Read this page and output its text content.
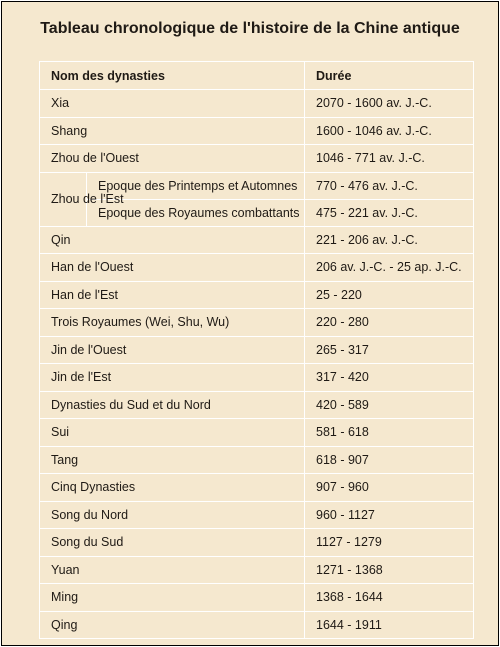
Tableau chronologique de l'histoire de la Chine antique
Nom des dynasties		Durée
Xia		2070 - 1600 av. J.-C.
Shang		1600 - 1046 av. J.-C.
Zhou de l'Ouest		1046 - 771 av. J.-C.
Zhou de l'Est	Epoque des Printemps et Automnes	770 - 476 av. J.-C.
	Epoque des Royaumes combattants	475 - 221 av. J.-C.
Qin		221 - 206 av. J.-C.
Han de l'Ouest		206 av. J.-C. - 25 ap. J.-C.
Han de l'Est		25 - 220
Trois Royaumes (Wei, Shu, Wu)		220 - 280
Jin de l'Ouest		265 - 317
Jin de l'Est		317 - 420
Dynasties du Sud et du Nord		420 - 589
Sui		581 - 618
Tang		618 - 907
Cinq Dynasties		907 - 960
Song du Nord		960 - 1127
Song du Sud		1127 - 1279
Yuan		1271 - 1368
Ming		1368 - 1644
Qing		1644 - 1911
